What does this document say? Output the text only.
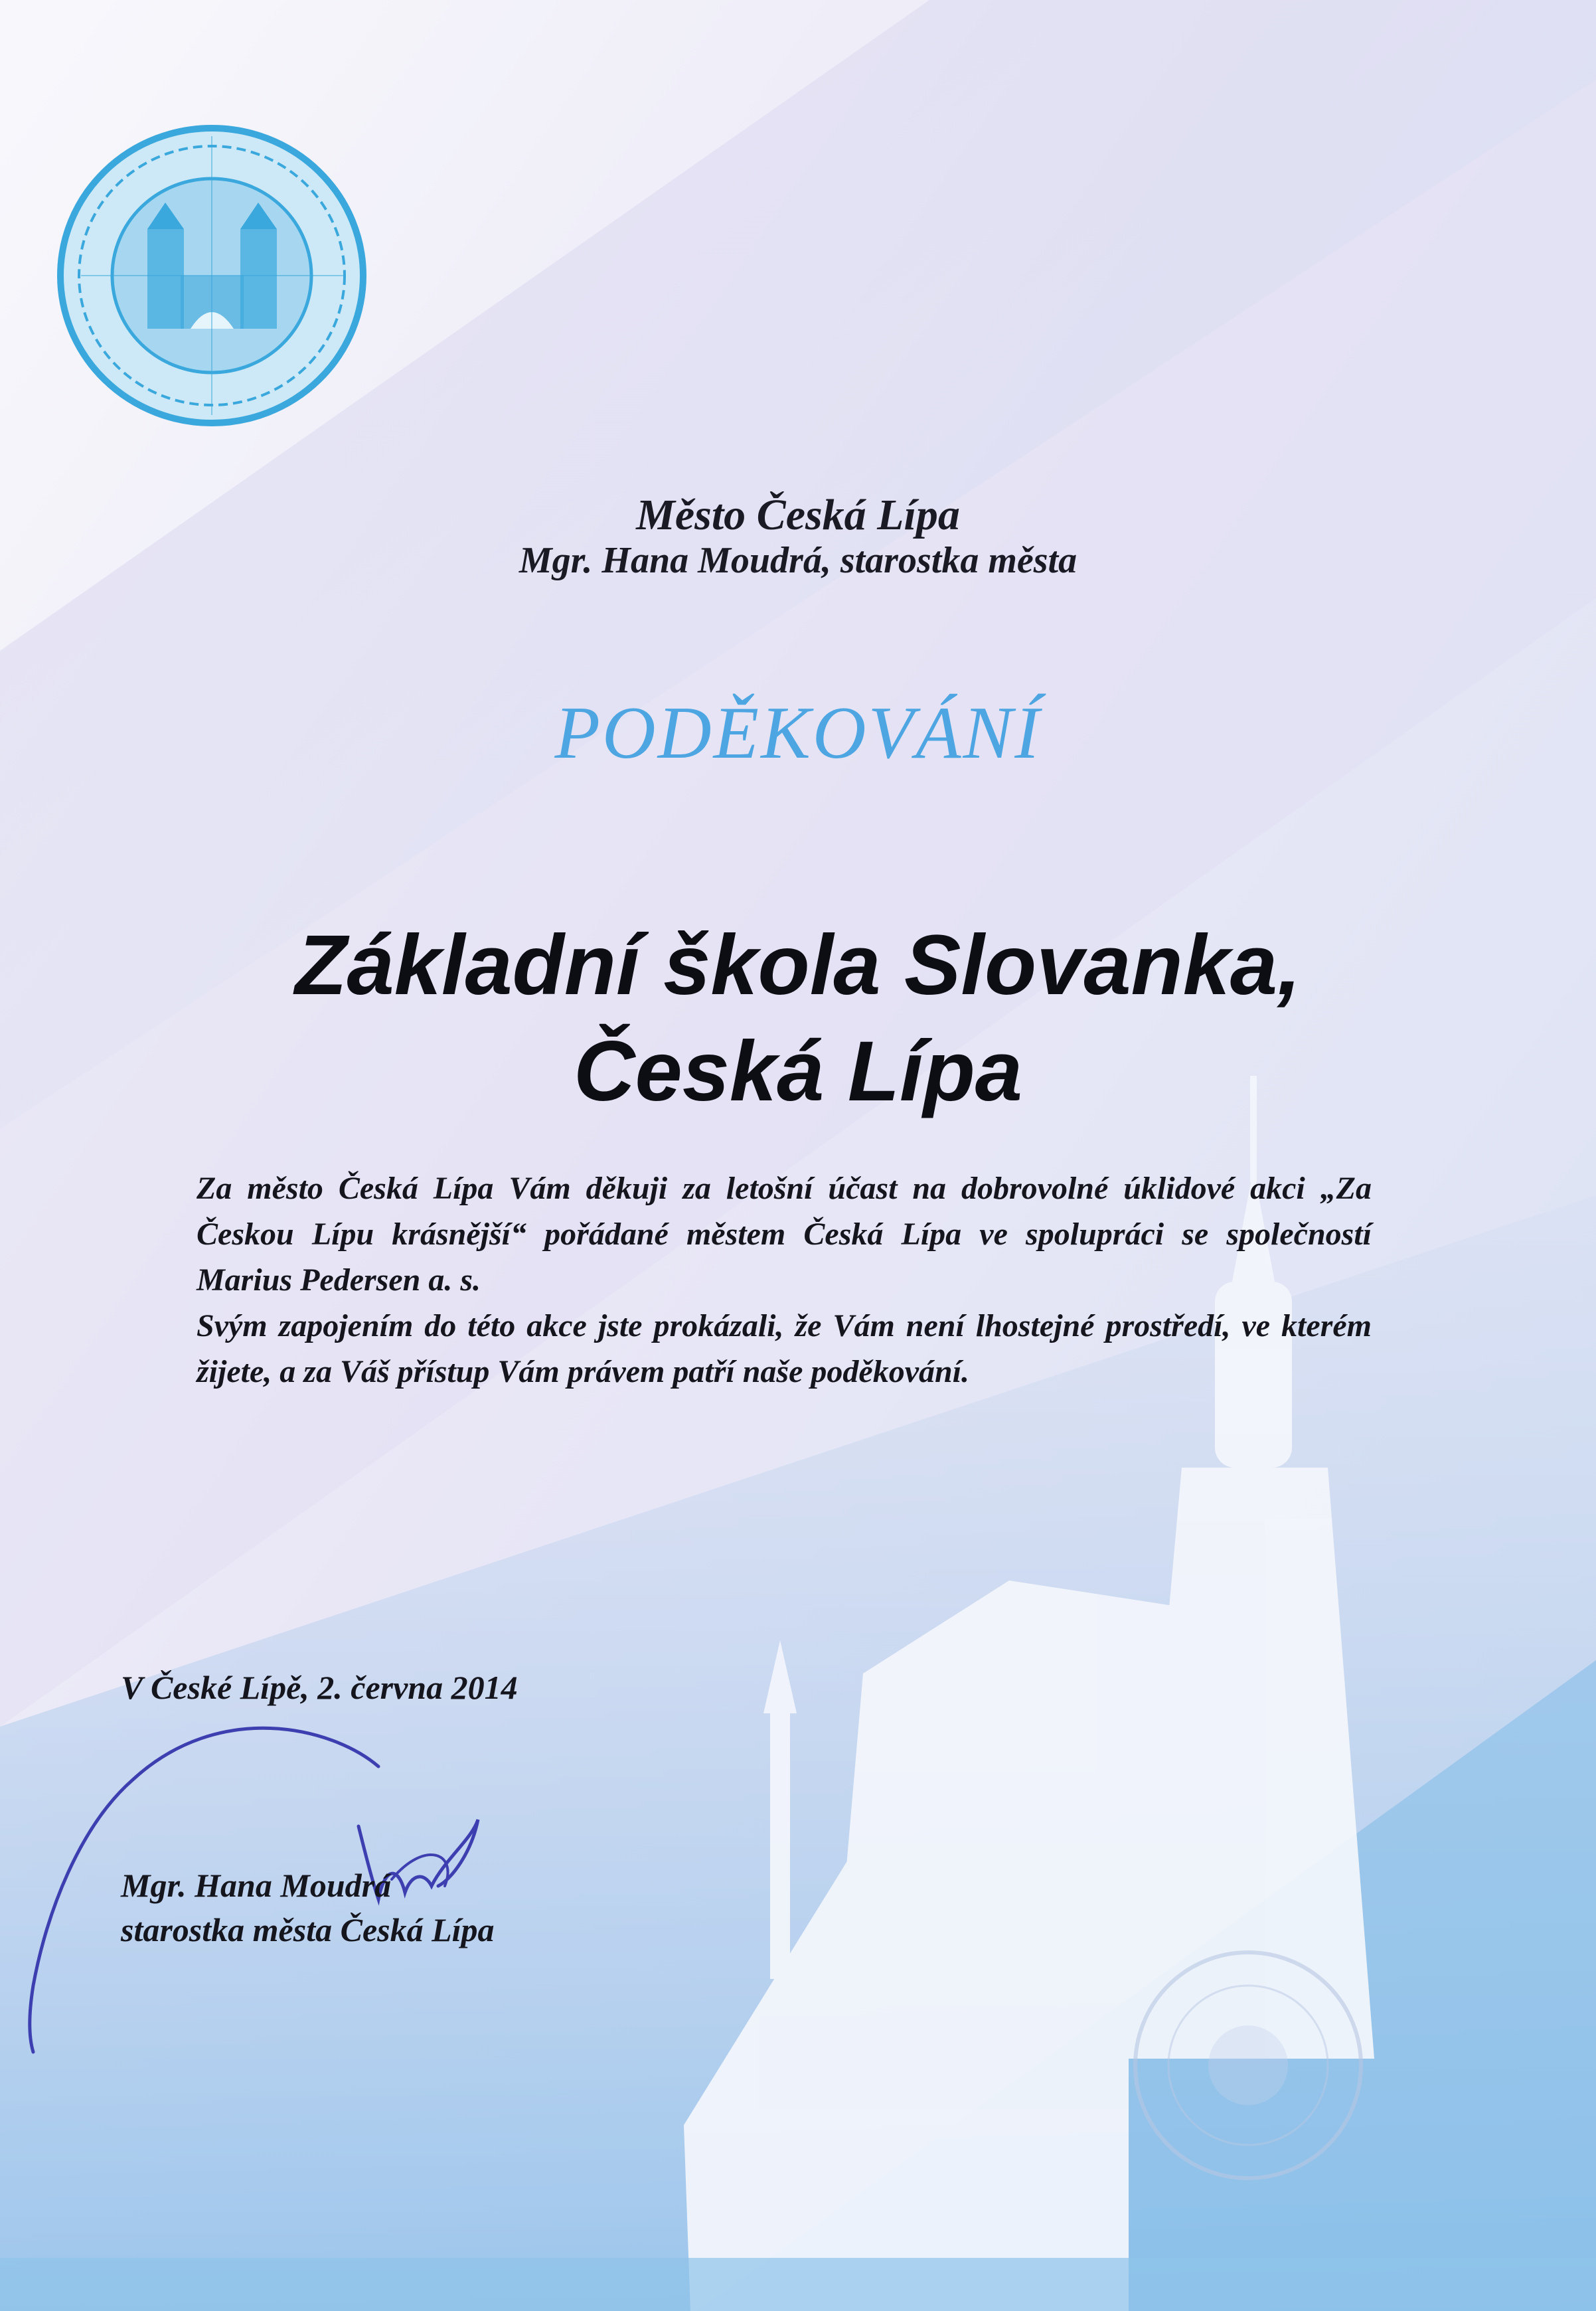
Město Česká Lípa
Mgr. Hana Moudrá, starostka města
PODĚKOVÁNÍ
Základní škola Slovanka,
Česká Lípa

Za město Česká Lípa Vám děkuji za letošní účast na dobrovolné úklidové akci „Za Českou Lípu krásnější“ pořádané městem Česká Lípa ve spolupráci se společností Marius Pedersen a. s.

Svým zapojením do této akce jste prokázali, že Vám není lhostejné prostředí, ve kterém žijete, a za Váš přístup Vám právem patří naše poděkování.

V České Lípě, 2. června 2014
Mgr. Hana Moudrá
starostka města Česká Lípa
